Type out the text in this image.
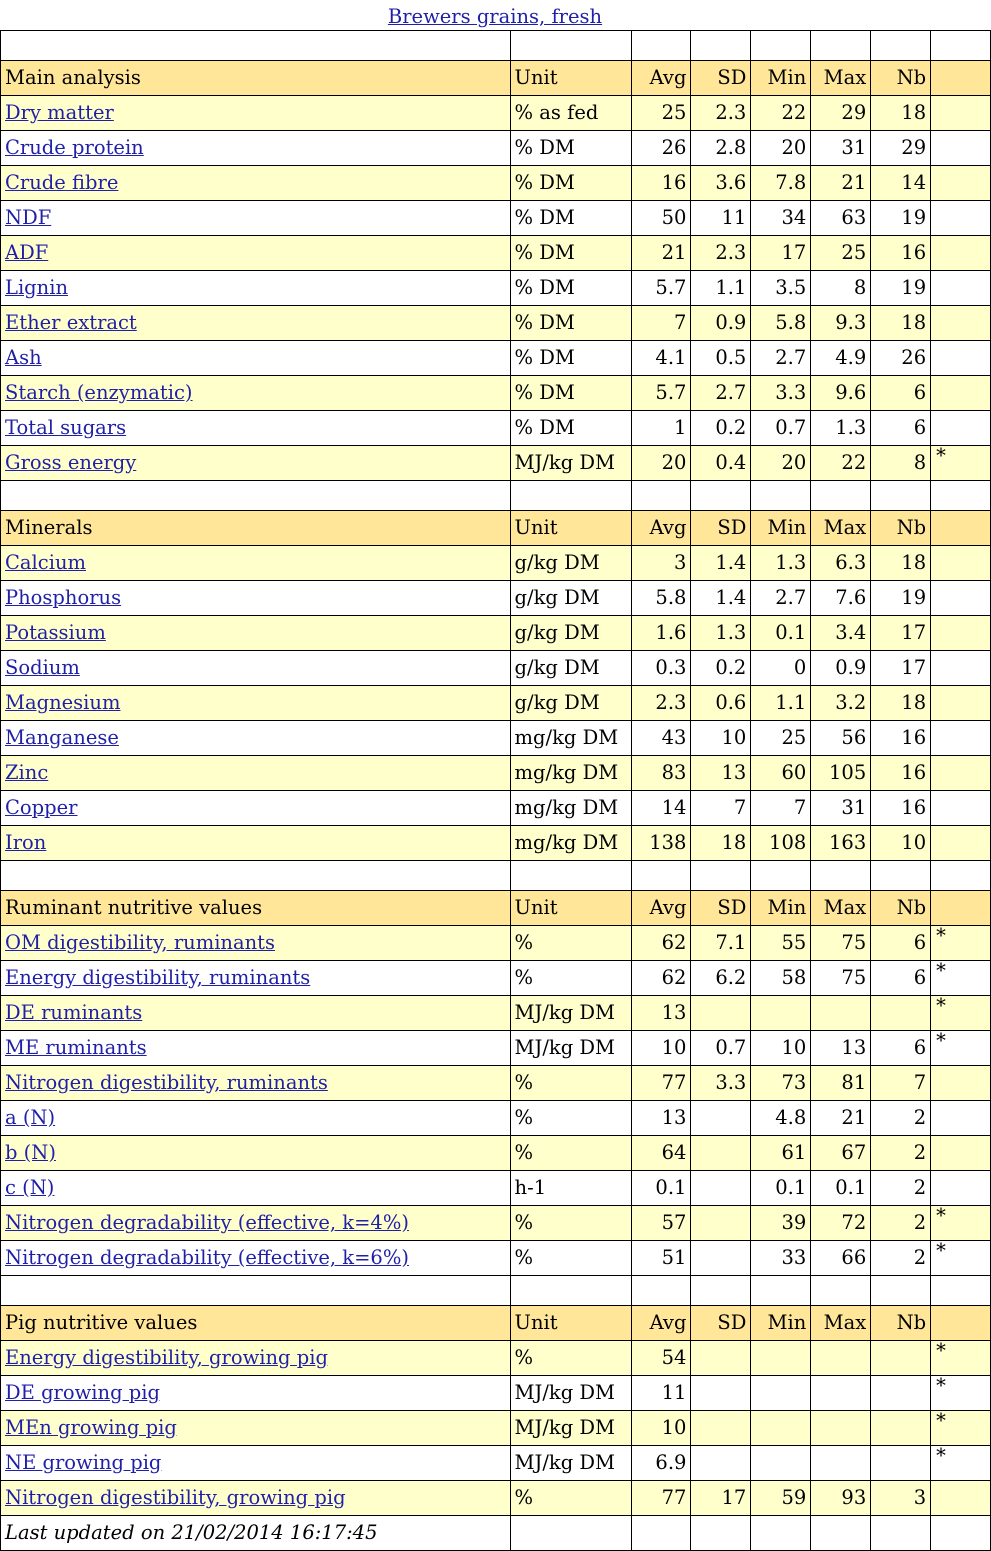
Brewers grains, fresh

Main analysis	Unit	Avg	SD	Min	Max	Nb	
Dry matter	% as fed	25	2.3	22	29	18	
Crude protein	% DM	26	2.8	20	31	29	
Crude fibre	% DM	16	3.6	7.8	21	14	
NDF	% DM	50	11	34	63	19	
ADF	% DM	21	2.3	17	25	16	
Lignin	% DM	5.7	1.1	3.5	8	19	
Ether extract	% DM	7	0.9	5.8	9.3	18	
Ash	% DM	4.1	0.5	2.7	4.9	26	
Starch (enzymatic)	% DM	5.7	2.7	3.3	9.6	6	
Total sugars	% DM	1	0.2	0.7	1.3	6	
Gross energy	MJ/kg DM	20	0.4	20	22	8	*

Minerals	Unit	Avg	SD	Min	Max	Nb	
Calcium	g/kg DM	3	1.4	1.3	6.3	18	
Phosphorus	g/kg DM	5.8	1.4	2.7	7.6	19	
Potassium	g/kg DM	1.6	1.3	0.1	3.4	17	
Sodium	g/kg DM	0.3	0.2	0	0.9	17	
Magnesium	g/kg DM	2.3	0.6	1.1	3.2	18	
Manganese	mg/kg DM	43	10	25	56	16	
Zinc	mg/kg DM	83	13	60	105	16	
Copper	mg/kg DM	14	7	7	31	16	
Iron	mg/kg DM	138	18	108	163	10	

Ruminant nutritive values	Unit	Avg	SD	Min	Max	Nb	
OM digestibility, ruminants	%	62	7.1	55	75	6	*
Energy digestibility, ruminants	%	62	6.2	58	75	6	*
DE ruminants	MJ/kg DM	13					*
ME ruminants	MJ/kg DM	10	0.7	10	13	6	*
Nitrogen digestibility, ruminants	%	77	3.3	73	81	7	
a (N)	%	13		4.8	21	2	
b (N)	%	64		61	67	2	
c (N)	h-1	0.1		0.1	0.1	2	
Nitrogen degradability (effective, k=4%)	%	57		39	72	2	*
Nitrogen degradability (effective, k=6%)	%	51		33	66	2	*

Pig nutritive values	Unit	Avg	SD	Min	Max	Nb	
Energy digestibility, growing pig	%	54					*
DE growing pig	MJ/kg DM	11					*
MEn growing pig	MJ/kg DM	10					*
NE growing pig	MJ/kg DM	6.9					*
Nitrogen digestibility, growing pig	%	77	17	59	93	3	
Last updated on 21/02/2014 16:17:45							
